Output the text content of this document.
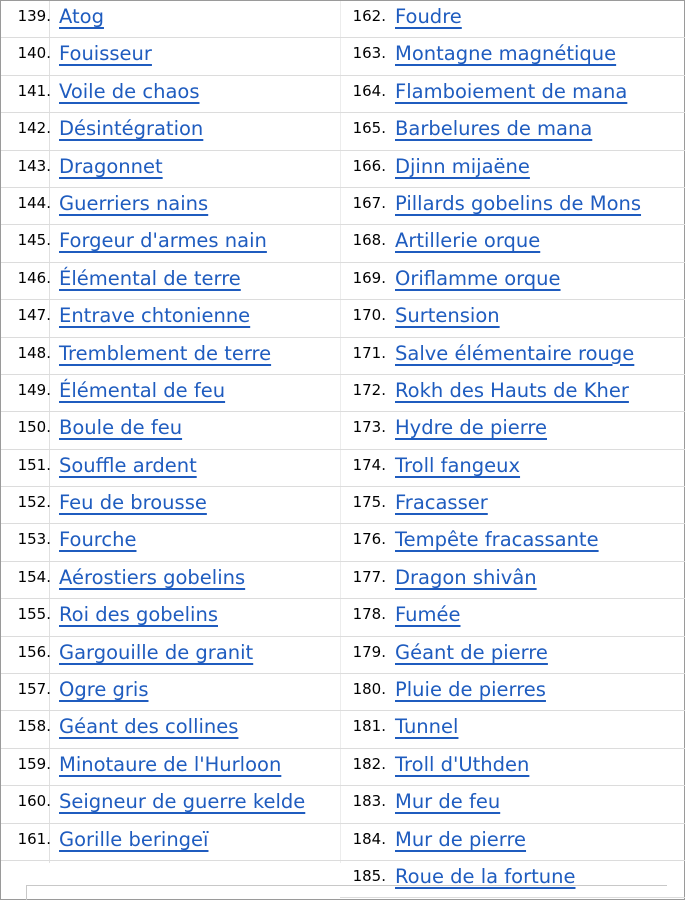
139. Atog
140. Fouisseur
141. Voile de chaos
142. Désintégration
143. Dragonnet
144. Guerriers nains
145. Forgeur d'armes nain
146. Élémental de terre
147. Entrave chtonienne
148. Tremblement de terre
149. Élémental de feu
150. Boule de feu
151. Souffle ardent
152. Feu de brousse
153. Fourche
154. Aérostiers gobelins
155. Roi des gobelins
156. Gargouille de granit
157. Ogre gris
158. Géant des collines
159. Minotaure de l'Hurloon
160. Seigneur de guerre kelde
161. Gorille beringeï
162. Foudre
163. Montagne magnétique
164. Flamboiement de mana
165. Barbelures de mana
166. Djinn mijaëne
167. Pillards gobelins de Mons
168. Artillerie orque
169. Oriflamme orque
170. Surtension
171. Salve élémentaire rouge
172. Rokh des Hauts de Kher
173. Hydre de pierre
174. Troll fangeux
175. Fracasser
176. Tempête fracassante
177. Dragon shivân
178. Fumée
179. Géant de pierre
180. Pluie de pierres
181. Tunnel
182. Troll d'Uthden
183. Mur de feu
184. Mur de pierre
185. Roue de la fortune
